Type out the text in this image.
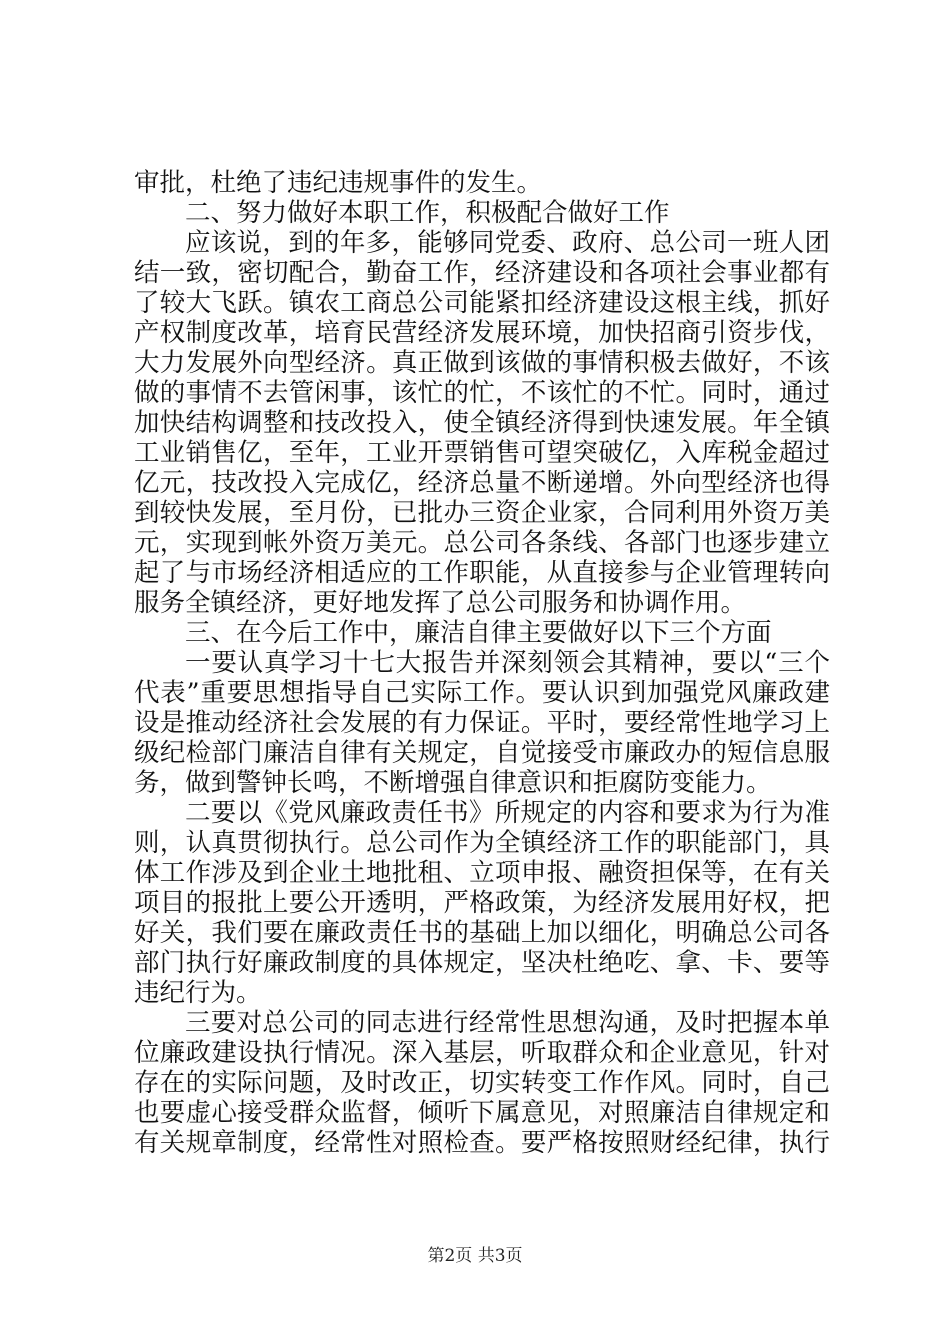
审批，杜绝了违纪违规事件的发生。
二、努力做好本职工作，积极配合做好工作
应该说，到的年多，能够同党委、政府、总公司一班人团
结一致，密切配合，勤奋工作，经济建设和各项社会事业都有
了较大飞跃。镇农工商总公司能紧扣经济建设这根主线，抓好
产权制度改革，培育民营经济发展环境，加快招商引资步伐，
大力发展外向型经济。真正做到该做的事情积极去做好，不该
做的事情不去管闲事，该忙的忙，不该忙的不忙。同时，通过
加快结构调整和技改投入，使全镇经济得到快速发展。年全镇
工业销售亿，至年，工业开票销售可望突破亿，入库税金超过
亿元，技改投入完成亿，经济总量不断递增。外向型经济也得
到较快发展，至月份，已批办三资企业家，合同利用外资万美
元，实现到帐外资万美元。总公司各条线、各部门也逐步建立
起了与市场经济相适应的工作职能，从直接参与企业管理转向
服务全镇经济，更好地发挥了总公司服务和协调作用。
三、在今后工作中，廉洁自律主要做好以下三个方面
一要认真学习十七大报告并深刻领会其精神，要以“三个
代表”重要思想指导自己实际工作。要认识到加强党风廉政建
设是推动经济社会发展的有力保证。平时，要经常性地学习上
级纪检部门廉洁自律有关规定，自觉接受市廉政办的短信息服
务，做到警钟长鸣，不断增强自律意识和拒腐防变能力。
二要以《党风廉政责任书》所规定的内容和要求为行为准
则，认真贯彻执行。总公司作为全镇经济工作的职能部门，具
体工作涉及到企业土地批租、立项申报、融资担保等，在有关
项目的报批上要公开透明，严格政策，为经济发展用好权，把
好关，我们要在廉政责任书的基础上加以细化，明确总公司各
部门执行好廉政制度的具体规定，坚决杜绝吃、拿、卡、要等
违纪行为。
三要对总公司的同志进行经常性思想沟通，及时把握本单
位廉政建设执行情况。深入基层，听取群众和企业意见，针对
存在的实际问题，及时改正，切实转变工作作风。同时，自己
也要虚心接受群众监督，倾听下属意见，对照廉洁自律规定和
有关规章制度，经常性对照检查。要严格按照财经纪律，执行
第2页 共3页
